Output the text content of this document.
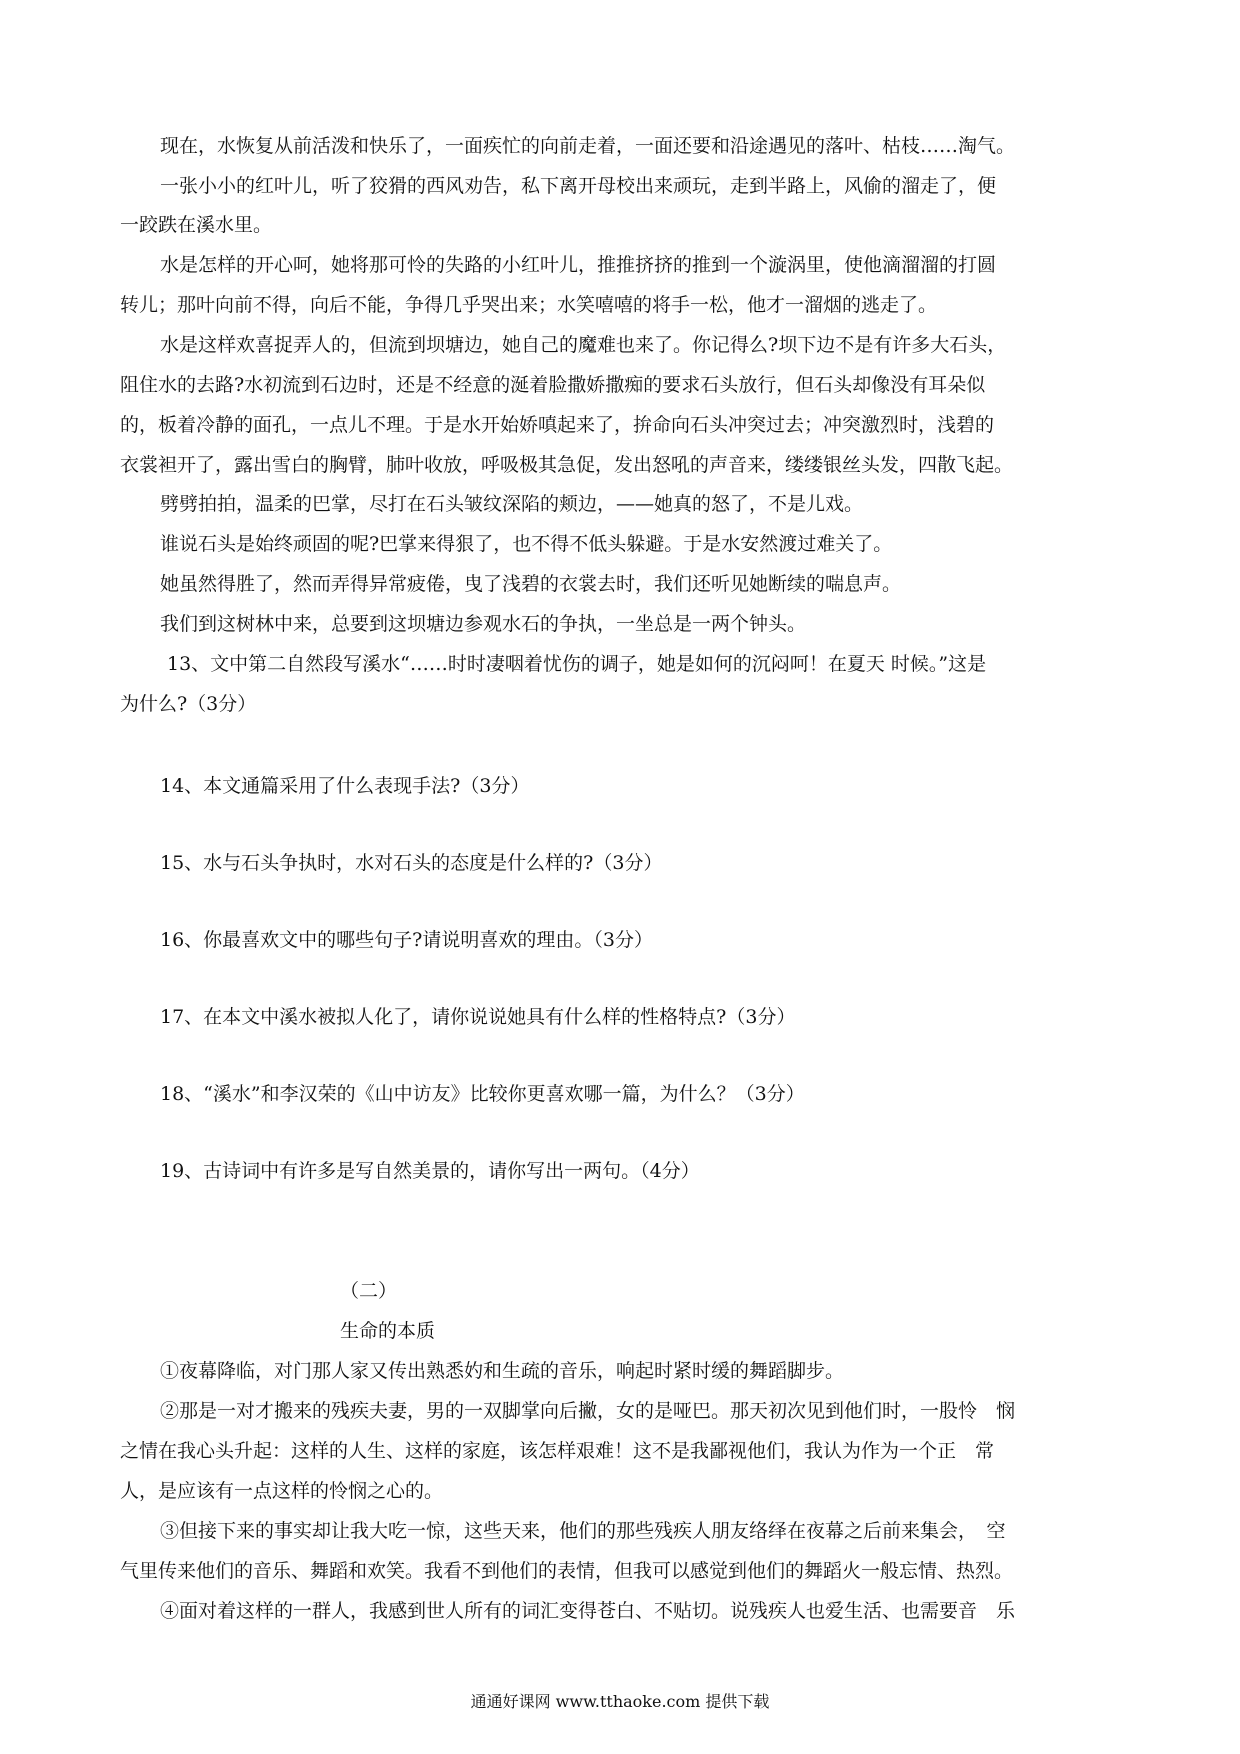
现在，水恢复从前活泼和快乐了，一面疾忙的向前走着，一面还要和沿途遇见的落叶、枯枝……淘气。
一张小小的红叶儿，听了狡猾的西风劝告，私下离开母校出来顽玩，走到半路上，风偷的溜走了，便
一跤跌在溪水里。
水是怎样的开心呵，她将那可怜的失路的小红叶儿，推推挤挤的推到一个漩涡里，使他滴溜溜的打圆
转儿；那叶向前不得，向后不能，争得几乎哭出来；水笑嘻嘻的将手一松，他才一溜烟的逃走了。
水是这样欢喜捉弄人的，但流到坝塘边，她自己的魔难也来了。你记得么?坝下边不是有许多大石头，
阻住水的去路?水初流到石边时，还是不经意的涎着脸撒娇撒痴的要求石头放行，但石头却像没有耳朵似
的，板着冷静的面孔，一点儿不理。于是水开始娇嗔起来了，拚命向石头冲突过去；冲突激烈时，浅碧的
衣裳袒开了，露出雪白的胸臂，肺叶收放，呼吸极其急促，发出怒吼的声音来，缕缕银丝头发，四散飞起。
劈劈拍拍，温柔的巴掌，尽打在石头皱纹深陷的颊边，——她真的怒了，不是儿戏。
谁说石头是始终顽固的呢?巴掌来得狠了，也不得不低头躲避。于是水安然渡过难关了。
她虽然得胜了，然而弄得异常疲倦，曳了浅碧的衣裳去时，我们还听见她断续的喘息声。
我们到这树林中来，总要到这坝塘边参观水石的争执，一坐总是一两个钟头。
13、文中第二自然段写溪水“……时时凄咽着忧伤的调子，她是如何的沉闷呵！在夏天 时候。”这是
为什么?（3分）
14、本文通篇采用了什么表现手法?（3分）
15、水与石头争执时，水对石头的态度是什么样的?（3分）
16、你最喜欢文中的哪些句子?请说明喜欢的理由。（3分）
17、在本文中溪水被拟人化了，请你说说她具有什么样的性格特点?（3分）
18、“溪水”和李汉荣的《山中访友》比较你更喜欢哪一篇，为什么？（3分）
19、古诗词中有许多是写自然美景的，请你写出一两句。（4分）
（二）
生命的本质
①夜幕降临，对门那人家又传出熟悉妁和生疏的音乐，响起时紧时缓的舞蹈脚步。
②那是一对才搬来的残疾夫妻，男的一双脚掌向后撇，女的是哑巴。那天初次见到他们时，一股怜　悯
之情在我心头升起：这样的人生、这样的家庭，该怎样艰难！这不是我鄙视他们，我认为作为一个正　常
人，是应该有一点这样的怜悯之心的。
③但接下来的事实却让我大吃一惊，这些天来，他们的那些残疾人朋友络绎在夜幕之后前来集会，　空
气里传来他们的音乐、舞蹈和欢笑。我看不到他们的表情，但我可以感觉到他们的舞蹈火一般忘情、热烈。
④面对着这样的一群人，我感到世人所有的词汇变得苍白、不贴切。说残疾人也爱生活、也需要音　乐
通通好课网 www.tthaoke.com 提供下载
